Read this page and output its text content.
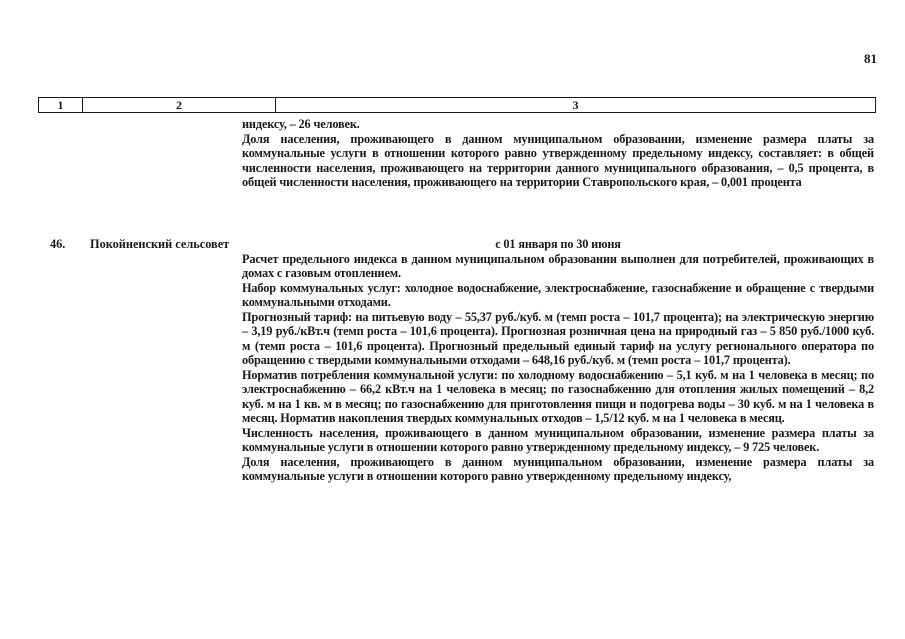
81
1	2	3

индексу, – 26 человек.

Доля населения, проживающего в данном муниципальном образовании, изменение размера платы за коммунальные услуги в отношении которого равно утвержденному предельному индексу, составляет: в общей численности населения, проживающего на территории данного муниципального образования, – 0,5 процента, в общей численности населения, проживающего на территории Ставропольского края, – 0,001 процента

46. Покойненский сельсовет	с 01 января по 30 июня

Расчет предельного индекса в данном муниципальном образовании выполнен для потребителей, проживающих в домах с газовым отоплением.

Набор коммунальных услуг: холодное водоснабжение, электроснабжение, газоснабжение и обращение с твердыми коммунальными отходами.

Прогнозный тариф: на питьевую воду – 55,37 руб./куб. м (темп роста – 101,7 процента); на электрическую энергию – 3,19 руб./кВт.ч (темп роста – 101,6 процента). Прогнозная розничная цена на природный газ – 5 850 руб./1000 куб. м (темп роста – 101,6 процента). Прогнозный предельный единый тариф на услугу регионального оператора по обращению с твердыми коммунальными отходами – 648,16 руб./куб. м (темп роста – 101,7 процента).

Норматив потребления коммунальной услуги: по холодному водоснабжению – 5,1 куб. м на 1 человека в месяц; по электроснабжению – 66,2 кВт.ч на 1 человека в месяц; по газоснабжению для отопления жилых помещений – 8,2 куб. м на 1 кв. м в месяц; по газоснабжению для приготовления пищи и подогрева воды – 30 куб. м на 1 человека в месяц. Норматив накопления твердых коммунальных отходов – 1,5/12 куб. м на 1 человека в месяц.

Численность населения, проживающего в данном муниципальном образовании, изменение размера платы за коммунальные услуги в отношении которого равно утвержденному предельному индексу, – 9 725 человек.

Доля населения, проживающего в данном муниципальном образовании, изменение размера платы за коммунальные услуги в отношении которого равно утвержденному предельному индексу,
